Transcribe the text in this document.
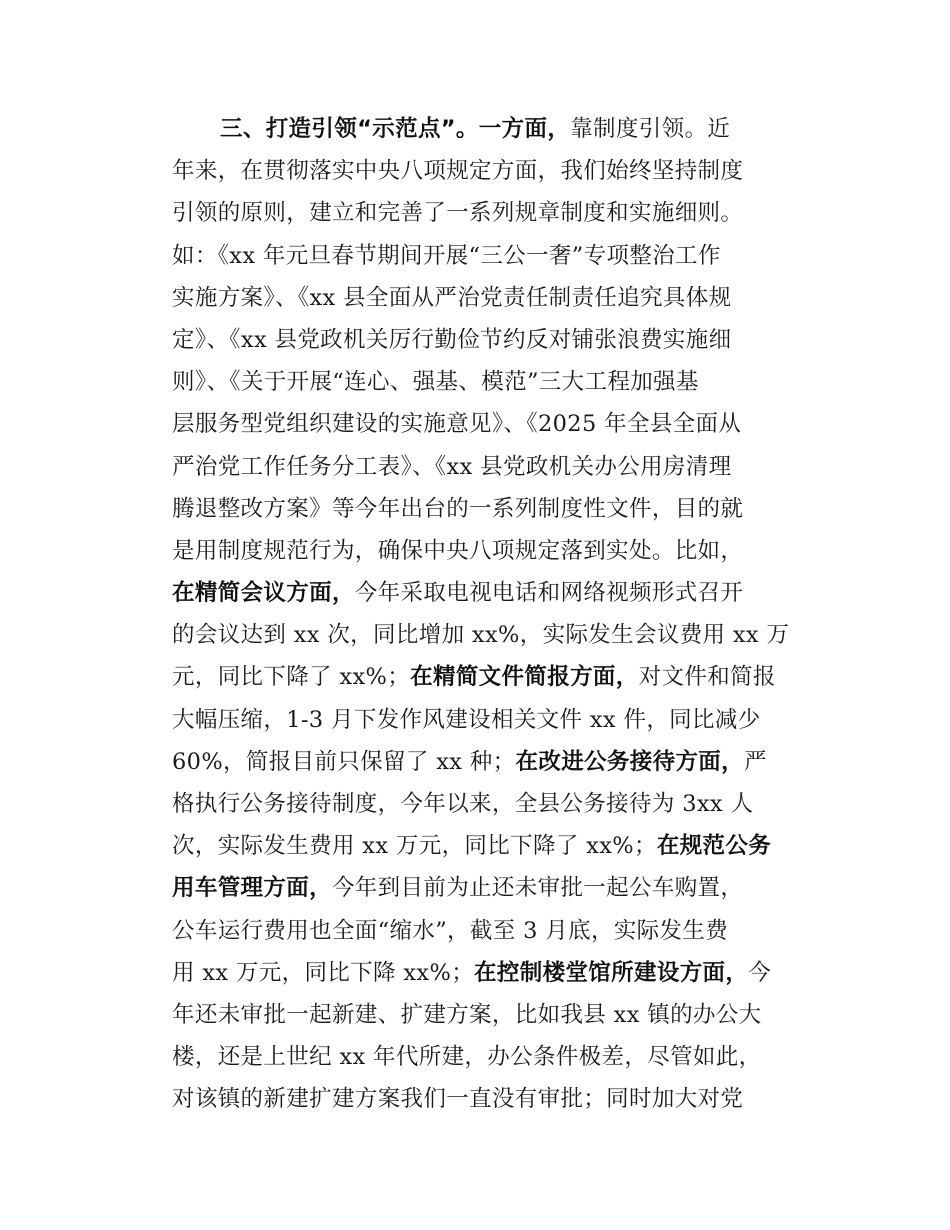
三、打造引领“示范点”。一方面，靠制度引领。近
年来，在贯彻落实中央八项规定方面，我们始终坚持制度
引领的原则，建立和完善了一系列规章制度和实施细则。
如：《xx 年元旦春节期间开展“三公一奢”专项整治工作
实施方案》、《xx 县全面从严治党责任制责任追究具体规
定》、《xx 县党政机关厉行勤俭节约反对铺张浪费实施细
则》、《关于开展“连心、强基、模范”三大工程加强基
层服务型党组织建设的实施意见》、《2025 年全县全面从
严治党工作任务分工表》、《xx 县党政机关办公用房清理
腾退整改方案》等今年出台的一系列制度性文件，目的就
是用制度规范行为，确保中央八项规定落到实处。比如，
在精简会议方面，今年采取电视电话和网络视频形式召开
的会议达到 xx 次，同比增加 xx%，实际发生会议费用 xx 万
元，同比下降了 xx%；在精简文件简报方面，对文件和简报
大幅压缩，1-3 月下发作风建设相关文件 xx 件，同比减少
60%，简报目前只保留了 xx 种；在改进公务接待方面，严
格执行公务接待制度，今年以来，全县公务接待为 3xx 人
次，实际发生费用 xx 万元，同比下降了 xx%；在规范公务
用车管理方面，今年到目前为止还未审批一起公车购置，
公车运行费用也全面“缩水”，截至 3 月底，实际发生费
用 xx 万元，同比下降 xx%；在控制楼堂馆所建设方面，今
年还未审批一起新建、扩建方案，比如我县 xx 镇的办公大
楼，还是上世纪 xx 年代所建，办公条件极差，尽管如此，
对该镇的新建扩建方案我们一直没有审批；同时加大对党
